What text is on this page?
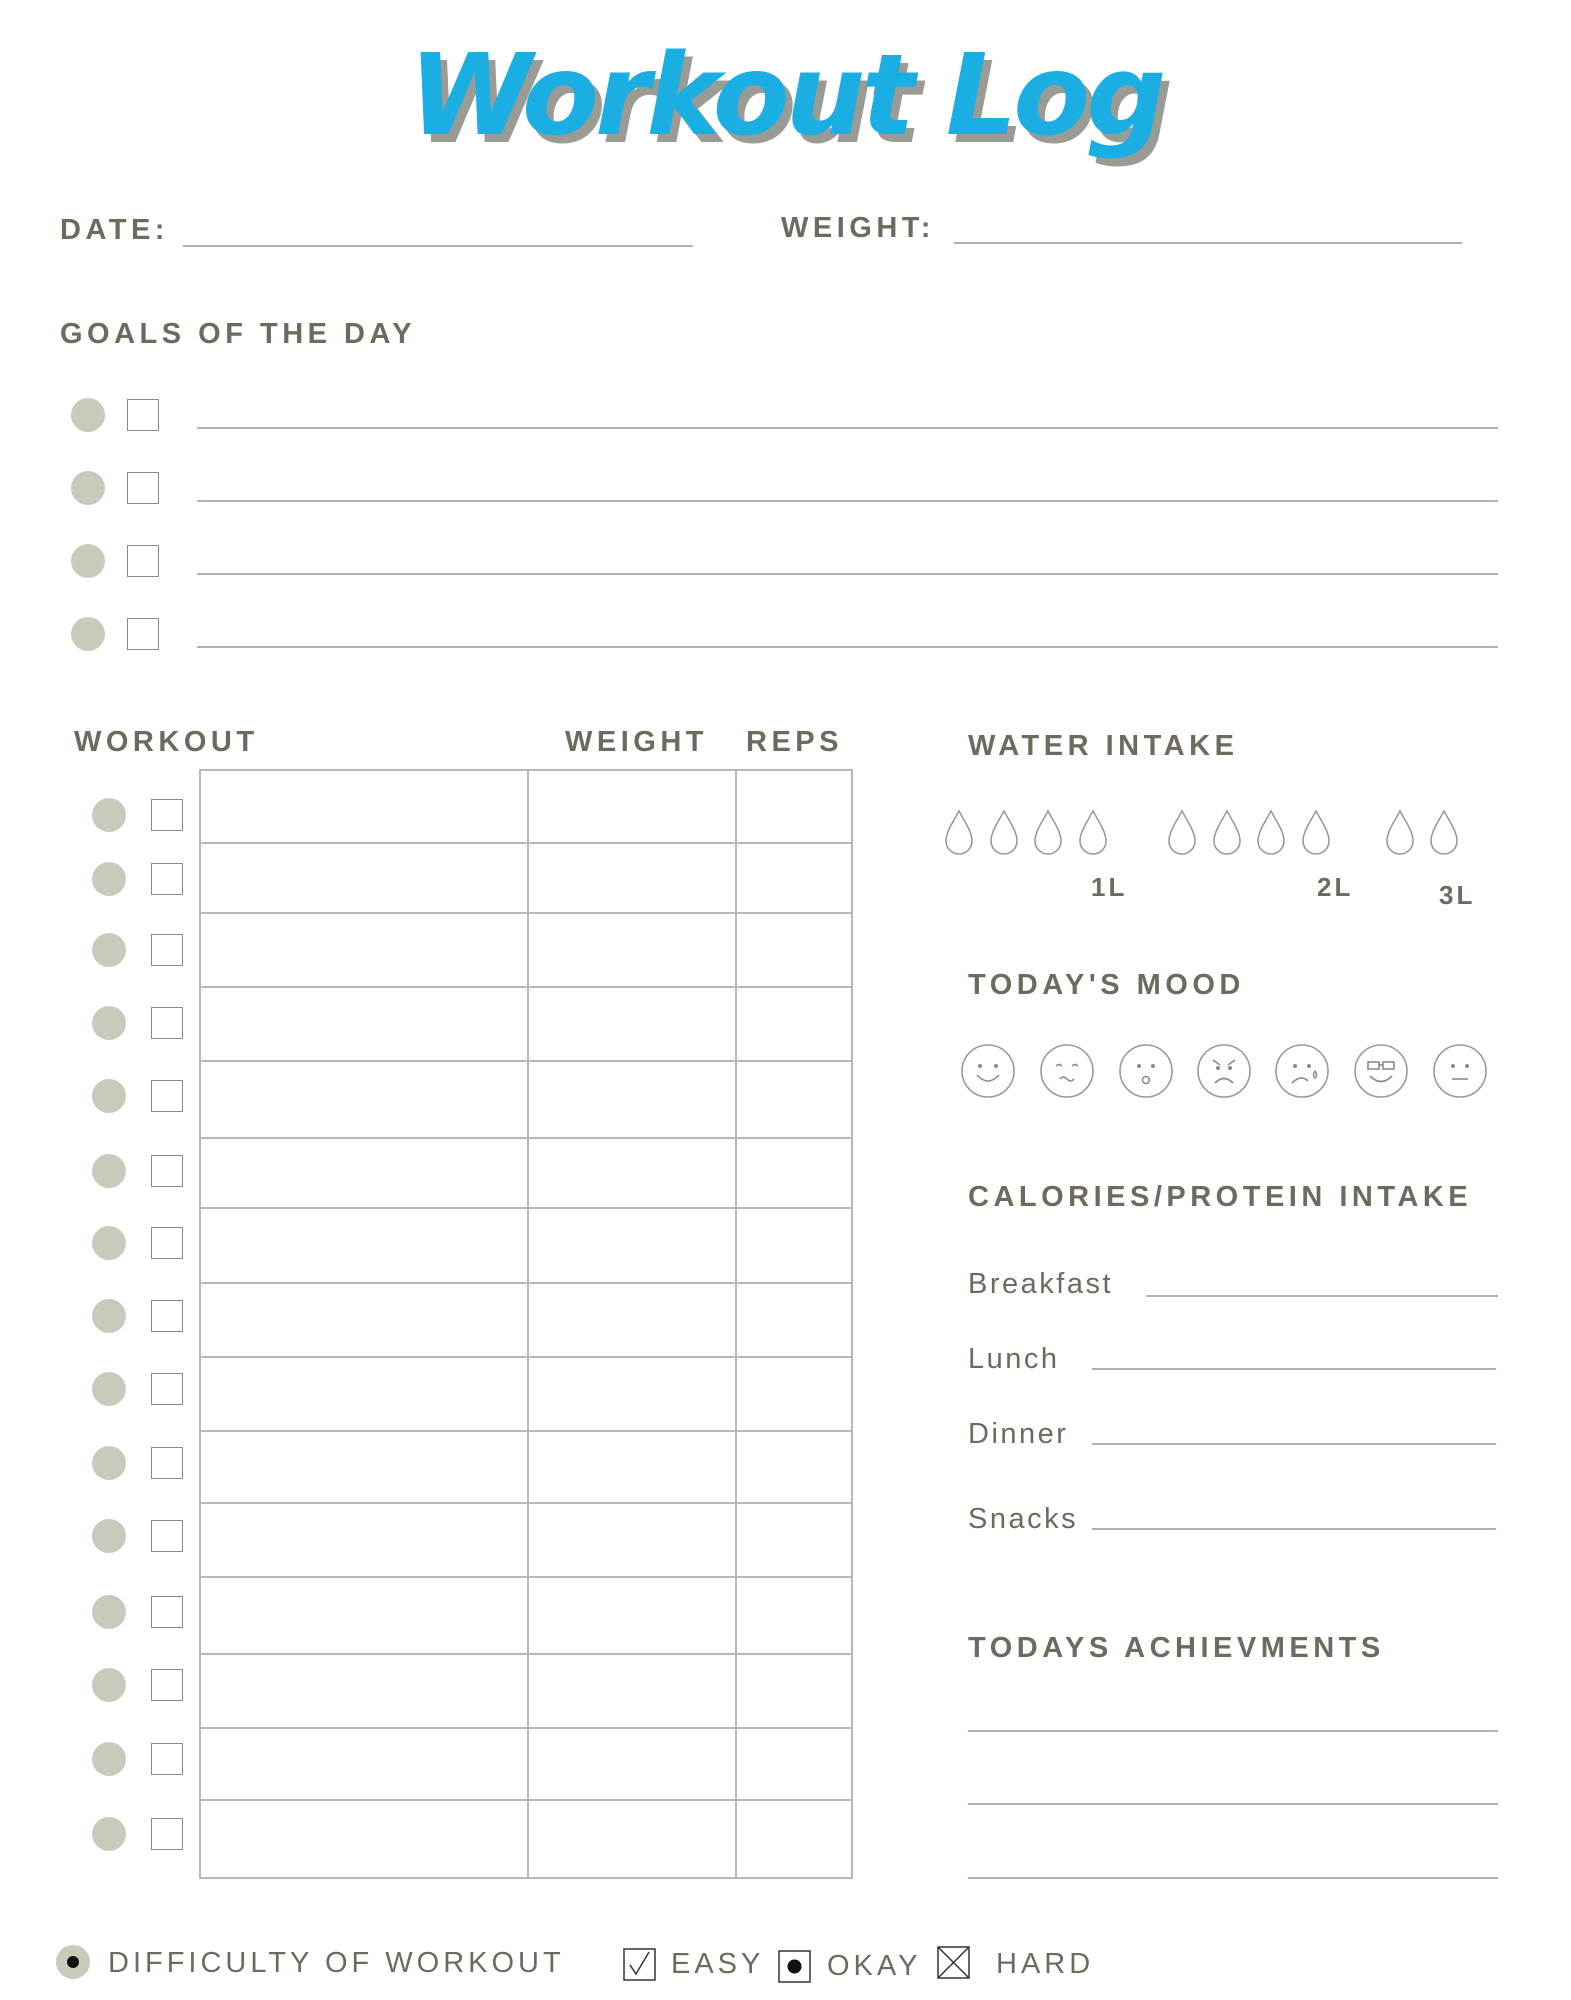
Workout Log
DATE:	WEIGHT:
GOALS OF THE DAY
WORKOUT	WEIGHT REPS	WATER INTAKE
1L	2L	3L
TODAY'S MOOD
CALORIES/PROTEIN INTAKE
Breakfast
Lunch
Dinner
Snacks
TODAYS ACHIEVMENTS
DIFFICULTY OF WORKOUT	EASY OKAY	HARD
